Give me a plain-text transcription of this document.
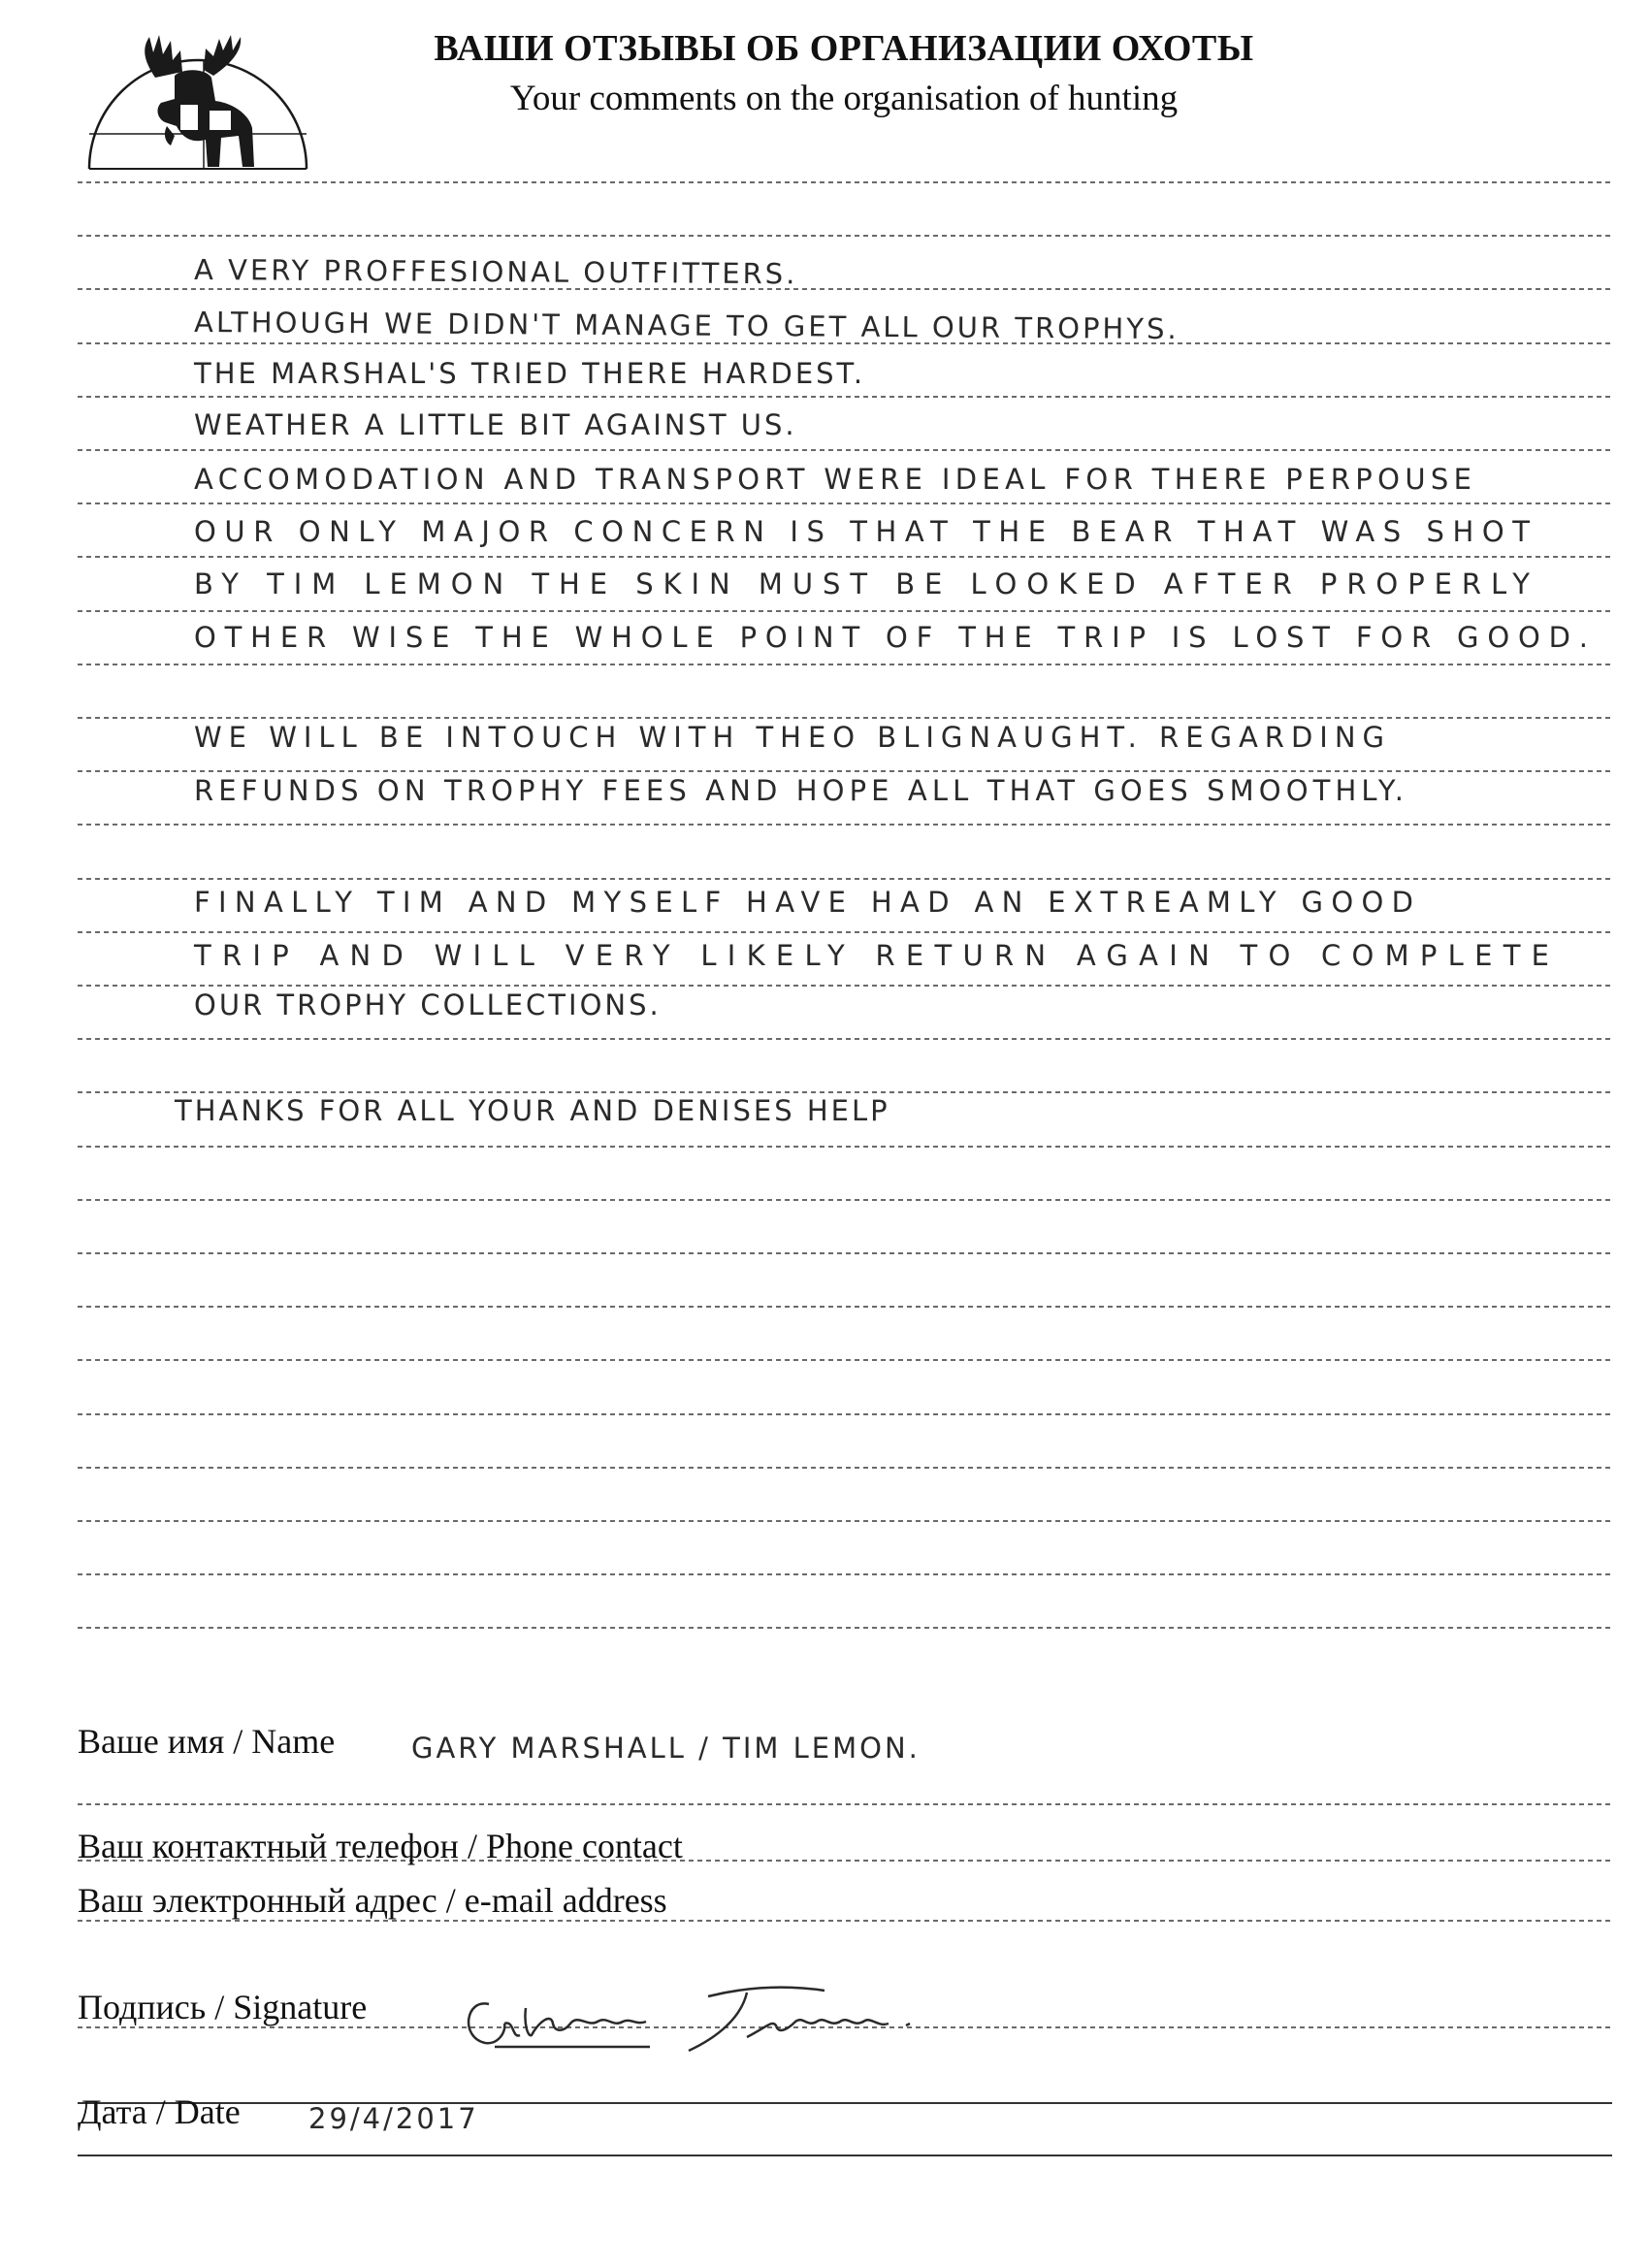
ВАШИ ОТЗЫВЫ ОБ ОРГАНИЗАЦИИ ОХОТЫ
Your comments on the organisation of hunting
A VERY PROFFESIONAL OUTFITTERS.
ALTHOUGH WE DIDN'T MANAGE TO GET ALL OUR TROPHYS.
THE MARSHAL'S TRIED THERE HARDEST.
WEATHER A LITTLE BIT AGAINST US.
ACCOMODATION AND TRANSPORT WERE IDEAL FOR THERE PERPOUSE
OUR ONLY MAJOR CONCERN IS THAT THE BEAR THAT WAS SHOT
BY TIM LEMON THE SKIN MUST BE LOOKED AFTER PROPERLY
OTHER WISE THE WHOLE POINT OF THE TRIP IS LOST FOR GOOD.
WE WILL BE INTOUCH WITH THEO BLIGNAUGHT. REGARDING
REFUNDS ON TROPHY FEES AND HOPE ALL THAT GOES SMOOTHLY.
FINALLY TIM AND MYSELF HAVE HAD AN EXTREAMLY GOOD
TRIP AND WILL VERY LIKELY RETURN AGAIN TO COMPLETE
OUR TROPHY COLLECTIONS.
THANKS FOR ALL YOUR AND DENISES HELP
GARY MARSHALL / TIM LEMON.
29/4/2017
Ваше имя / Name
Ваш контактный телефон / Phone contact
Ваш электронный адрес / e-mail address
Подпись / Signature
Дата / Date
